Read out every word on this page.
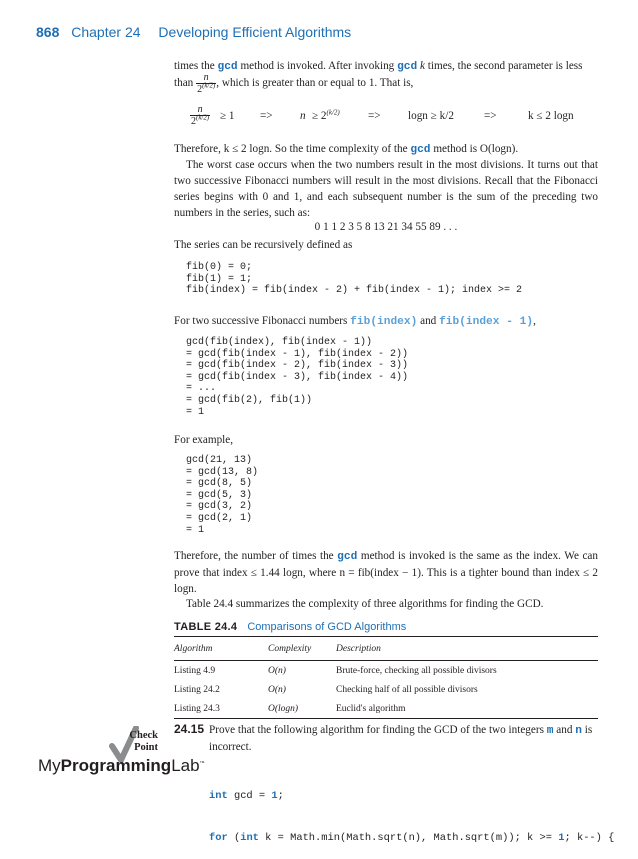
868 Chapter 24 Developing Efficient Algorithms

times the gcd method is invoked. After invoking gcd k times, the second parameter is less

than $\frac{n}{2^{(k/2)}}$ , which is greater than or equal to 1. That is,

$\frac{n}{2^{(k/2)}} \ge 1 => n \ge 2^{(k/2)}$	=> logn ≥ k/2	=>	k ≤ 2 logn

Therefore, k ≤ 2 logn. So the time complexity of the gcd method is O(logn).

The worst case occurs when the two numbers result in the most divisions. It turns out that two successive Fibonacci numbers will result in the most divisions. Recall that the Fibonacci series begins with 0 and 1, and each subsequent number is the sum of the preceding two numbers in the series, such as:

0 1 1 2 3 5 8 13 21 34 55 89 . . .

The series can be recursively defined as

fib(0) = 0;
fib(1) = 1;
fib(index) = fib(index - 2) + fib(index - 1); index >= 2

For two successive Fibonacci numbers fib(index) and fib(index - 1),

gcd(fib(index), fib(index - 1))
= gcd(fib(index - 1), fib(index - 2))
= gcd(fib(index - 2), fib(index - 3))
= gcd(fib(index - 3), fib(index - 4))
= ...
= gcd(fib(2), fib(1))
= 1

For example,

gcd(21, 13)
= gcd(13, 8)
= gcd(8, 5)
= gcd(5, 3)
= gcd(3, 2)
= gcd(2, 1)
= 1

Therefore, the number of times the gcd method is invoked is the same as the index. We can prove that index ≤ 1.44 logn, where n = fib(index − 1). This is a tighter bound than index ≤ 2 logn.

Table 24.4 summarizes the complexity of three algorithms for finding the GCD.

TABLE 24.4 Comparisons of GCD Algorithms
Algorithm	Complexity	Description
Listing 4.9	O(n)	Brute-force, checking all possible divisors
Listing 24.2	O(n)	Checking half of all possible divisors
Listing 24.3	O(logn)	Euclid's algorithm
Check
Point
MyProgrammingLab™
24.15 Prove that the following algorithm for finding the GCD of the two integers m and n is incorrect.

int gcd = 1;

for (int k = Math.min(Math.sqrt(n), Math.sqrt(m)); k >= 1; k--) {
